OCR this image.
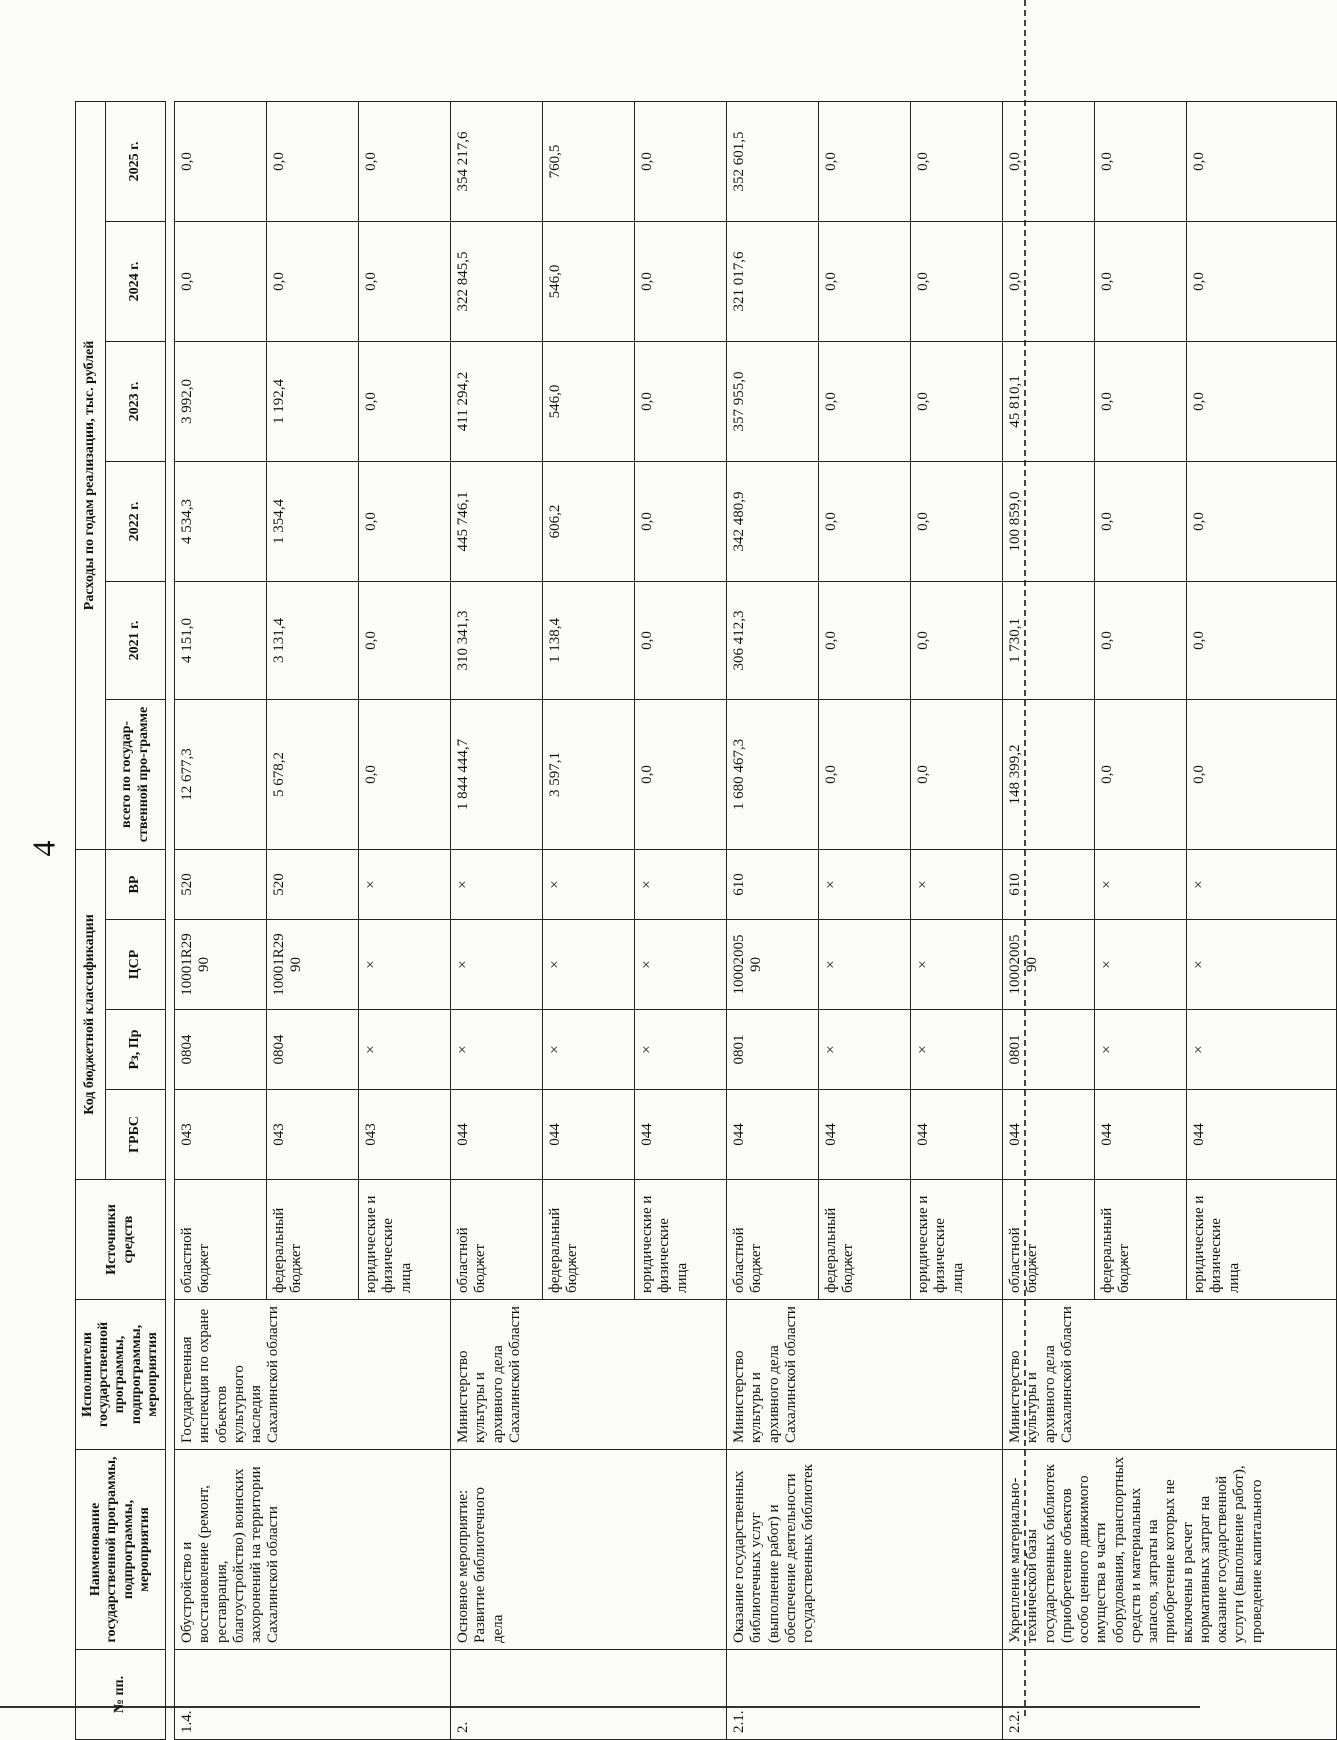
4
№ пп.	Наименование государственной программы, подпрограммы, мероприятия	Исполнители государственной программы, подпрограммы, мероприятия	Источники средств	Код бюджетной классификации				Расходы по годам реализации, тыс. рублей					
				ГРБС	Рз, Пр	ЦСР	ВР	всего по государ-ственной про-грамме	2021 г.	2022 г.	2023 г.	2024 г.	2025 г.

1.4.	Обустройство и восстановление (ремонт, реставрация, благоустройство) воинских захоронений на территории Сахалинской области	Государственная инспекция по охране объектов культурного наследия Сахалинской области	областной бюджет	043	0804	10001R29 90	520	12 677,3	4 151,0	4 534,3	3 992,0	0,0	0,0
			федеральный бюджет	043	0804	10001R29 90	520	5 678,2	3 131,4	1 354,4	1 192,4	0,0	0,0
			юридические и физические лица	043	×	×	×	0,0	0,0	0,0	0,0	0,0	0,0
2.	Основное мероприятие: Развитие библиотечного дела	Министерство культуры и архивного дела Сахалинской области	областной бюджет	044	×	×	×	1 844 444,7	310 341,3	445 746,1	411 294,2	322 845,5	354 217,6
			федеральный бюджет	044	×	×	×	3 597,1	1 138,4	606,2	546,0	546,0	760,5
			юридические и физические лица	044	×	×	×	0,0	0,0	0,0	0,0	0,0	0,0
2.1.	Оказание государственных библиотечных услуг (выполнение работ) и обеспечение деятельности государственных библиотек	Министерство культуры и архивного дела Сахалинской области	областной бюджет	044	0801	10002005 90	610	1 680 467,3	306 412,3	342 480,9	357 955,0	321 017,6	352 601,5
			федеральный бюджет	044	×	×	×	0,0	0,0	0,0	0,0	0,0	0,0
			юридические и физические лица	044	×	×	×	0,0	0,0	0,0	0,0	0,0	0,0
2.2.	Укрепление материально-технической базы государственных библиотек (приобретение объектов особо ценного движимого имущества в части оборудования, транспортных средств и материальных запасов, затраты на приобретение которых не включены в расчет нормативных затрат на оказание государственной услуги (выполнение работ), проведение капитального	Министерство культуры и архивного дела Сахалинской области	областной бюджет	044	0801	10002005 90	610	148 399,2	1 730,1	100 859,0	45 810,1	0,0	0,0
			федеральный бюджет	044	×	×	×	0,0	0,0	0,0	0,0	0,0	0,0
			юридические и физические лица	044	×	×	×	0,0	0,0	0,0	0,0	0,0	0,0
